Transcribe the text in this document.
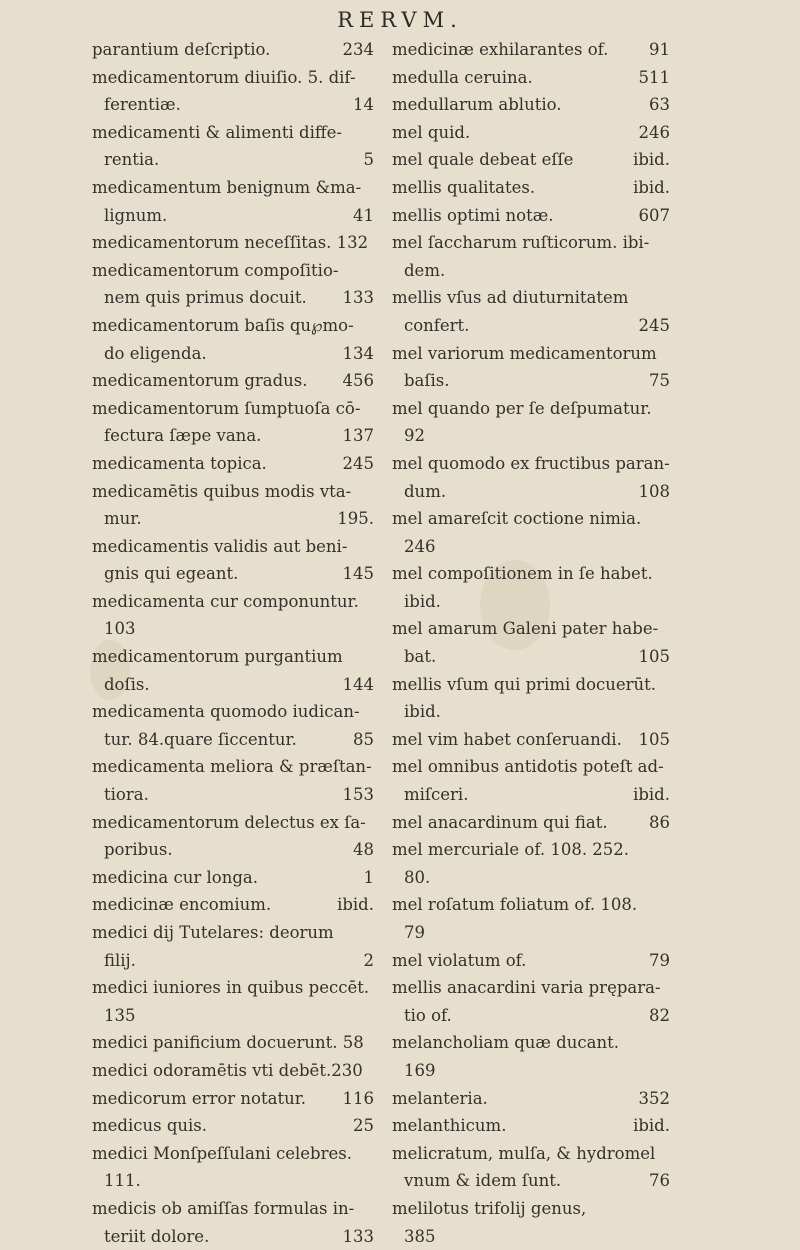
RERVM.
parantium deſcriptio.	234
medicamentorum diuiſio. 5. dif-
ferentiæ.	14
medicamenti & alimenti diffe-
rentia.	5
medicamentum benignum &ma-
lignum.	41
medicamentorum neceſſitas. 132
medicamentorum compoſitio-
nem quis primus docuit. 133
medicamentorum baſis qu℘mo-
do eligenda.	134
medicamentorum gradus. 456
medicamentorum ſumptuoſa cō-
fectura ſæpe vana.	137
medicamenta topica.	245
medicamētis quibus modis vta-
mur.	195.
medicamentis validis aut beni-
gnis qui egeant.	145
medicamenta cur componuntur.
103
medicamentorum purgantium
doſis.	144
medicamenta quomodo iudican-
tur. 84.quare ſiccentur.	85
medicamenta meliora & præſtan-
tiora.	153
medicamentorum delectus ex ſa-
poribus.	48
medicina cur longa.	1
medicinæ encomium.	ibid.
medici dij Tutelares: deorum
filij.	2
medici iuniores in quibus peccēt.
135
medici panificium docuerunt. 58
medici odoramētis vti debēt.230
medicorum error notatur. 116
medicus quis.	25
medici Monſpeſſulani celebres.
111.
medicis ob amiſſas formulas in-
teriit dolore.	133
medicinæ exhilarantes of. 91
medulla ceruina.	511
medullarum ablutio.	63
mel quid.	246
mel quale debeat eſſe	ibid.
mellis qualitates.	ibid.
mellis optimi notæ.	607
mel ſaccharum ruſticorum. ibi-
dem.
mellis vſus ad diuturnitatem
confert.	245
mel variorum medicamentorum
baſis.	75
mel quando per ſe deſpumatur.
92
mel quomodo ex fructibus paran-
dum.	108
mel amareſcit coctione nimia.
246
mel compoſitionem in ſe habet.
ibid.
mel amarum Galeni pater habe-
bat.	105
mellis vſum qui primi docuerūt.
ibid.
mel vim habet conſeruandi. 105
mel omnibus antidotis poteſt ad-
miſceri.	ibid.
mel anacardinum qui fiat.	86
mel mercuriale of. 108. 252.
80.
mel roſatum foliatum of. 108.
79
mel violatum of.	79
mellis anacardini varia prępara-
tio of.	82
melancholiam quæ ducant.
169
melanteria.	352
melanthicum.	ibid.
melicratum, mulſa, & hydromel
vnum & idem ſunt.	76
melilotus trifolij genus,
385
